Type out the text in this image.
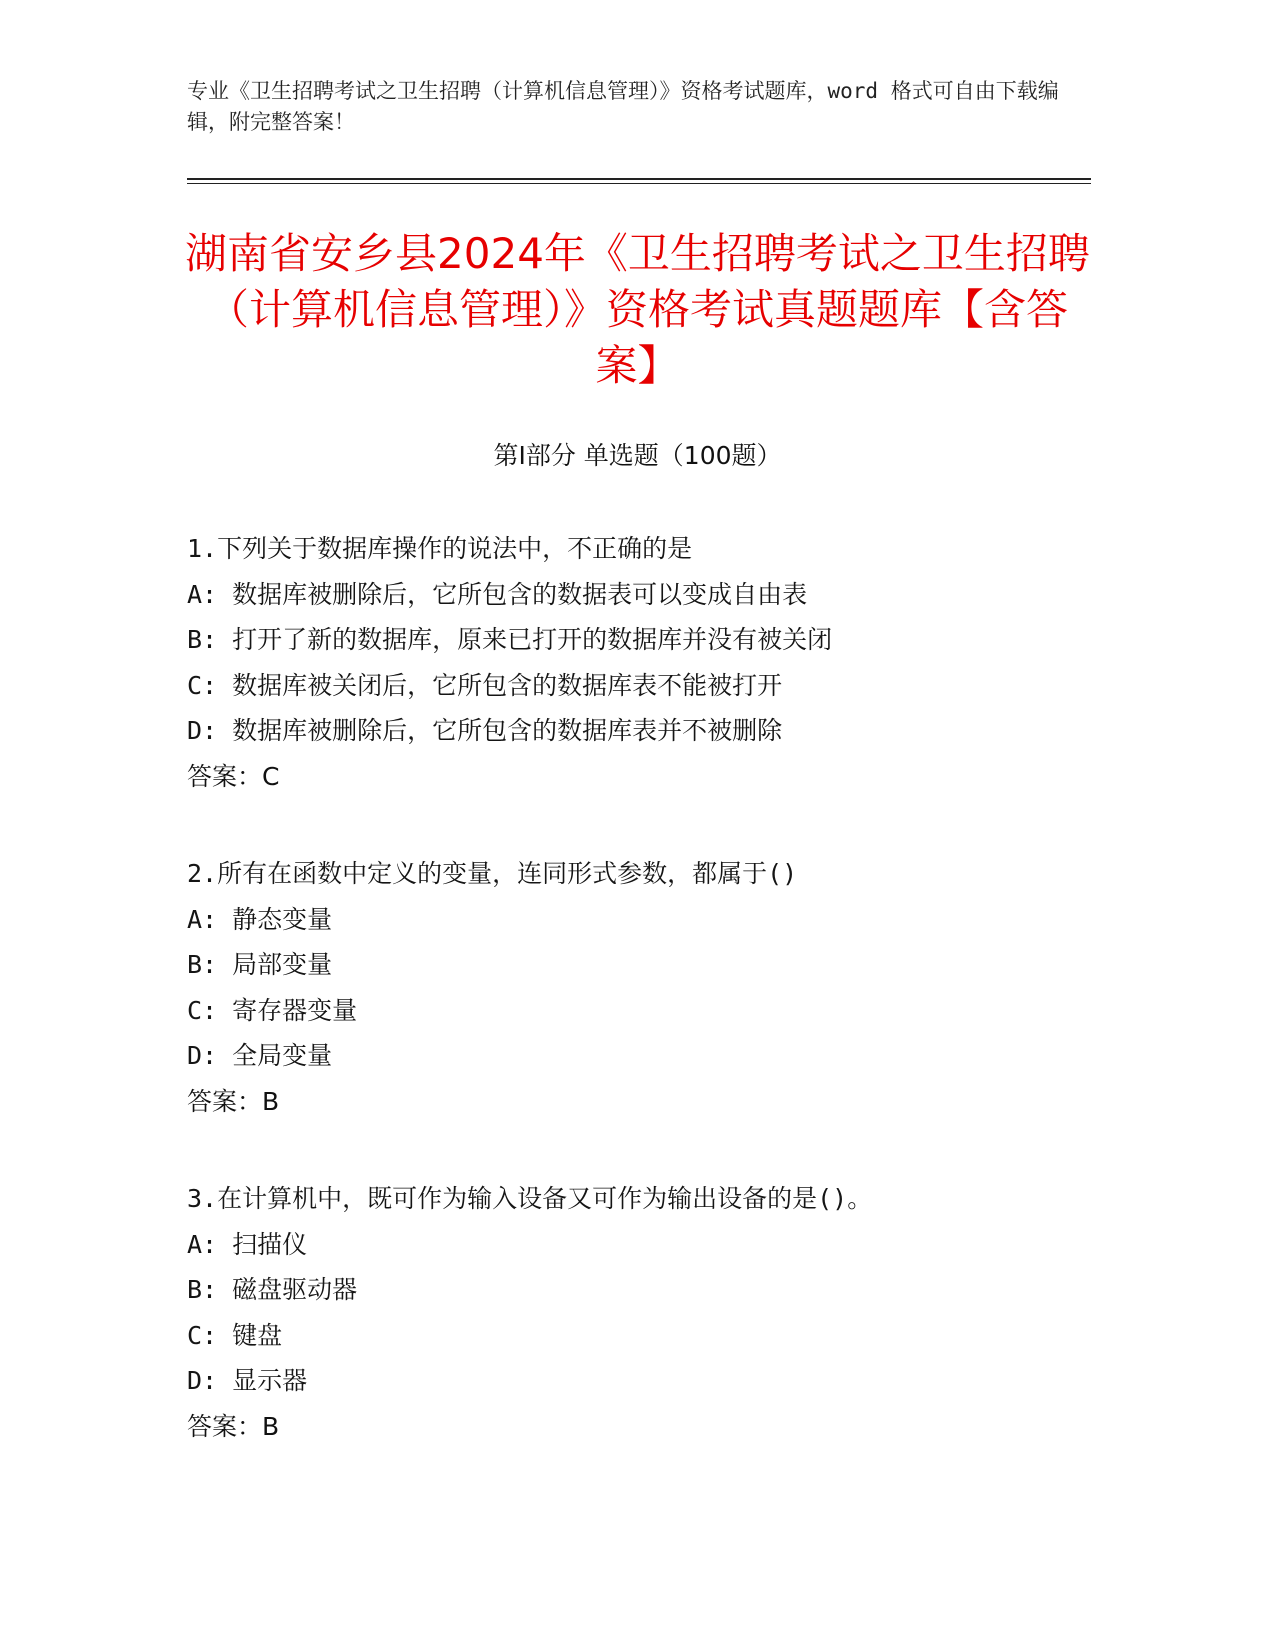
专业《卫生招聘考试之卫生招聘（计算机信息管理）》资格考试题库，word 格式可自由下载编辑，附完整答案！
湖南省安乡县2024年《卫生招聘考试之卫生招聘（计算机信息管理）》资格考试真题题库【含答案】
第Ⅰ部分 单选题（100题）
1.下列关于数据库操作的说法中，不正确的是
A: 数据库被删除后，它所包含的数据表可以变成自由表
B: 打开了新的数据库，原来已打开的数据库并没有被关闭
C: 数据库被关闭后，它所包含的数据库表不能被打开
D: 数据库被删除后，它所包含的数据库表并不被删除
答案：C
2.所有在函数中定义的变量，连同形式参数，都属于()
A: 静态变量
B: 局部变量
C: 寄存器变量
D: 全局变量
答案：B
3.在计算机中，既可作为输入设备又可作为输出设备的是()。
A: 扫描仪
B: 磁盘驱动器
C: 键盘
D: 显示器
答案：B
